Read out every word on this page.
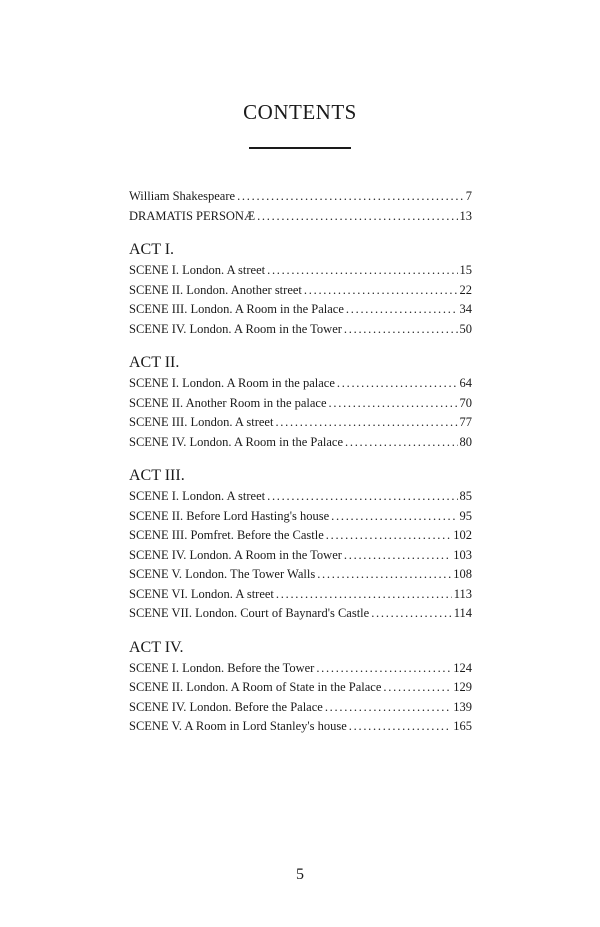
CONTENTS
William Shakespeare . . .	7
DRAMATIS PERSONÆ . . .	13
ACT I.
SCENE I. London. A street . . .	15
SCENE II. London. Another street . . .	22
SCENE III. London. A Room in the Palace . . .	34
SCENE IV. London. A Room in the Tower . . .	50
ACT II.
SCENE I. London. A Room in the palace . . .	64
SCENE II. Another Room in the palace . . .	70
SCENE III. London. A street . . .	77
SCENE IV. London. A Room in the Palace . . .	80
ACT III.
SCENE I. London. A street . . .	85
SCENE II. Before Lord Hasting's house . . .	95
SCENE III. Pomfret. Before the Castle . . .	102
SCENE IV. London. A Room in the Tower . . .	103
SCENE V. London. The Tower Walls . . .	108
SCENE VI. London. A street . . .	113
SCENE VII. London. Court of Baynard's Castle . . .	114
ACT IV.
SCENE I. London. Before the Tower . . .	124
SCENE II. London. A Room of State in the Palace . . .	129
SCENE IV. London. Before the Palace . . .	139
SCENE V. A Room in Lord Stanley's house . . .	165
5
